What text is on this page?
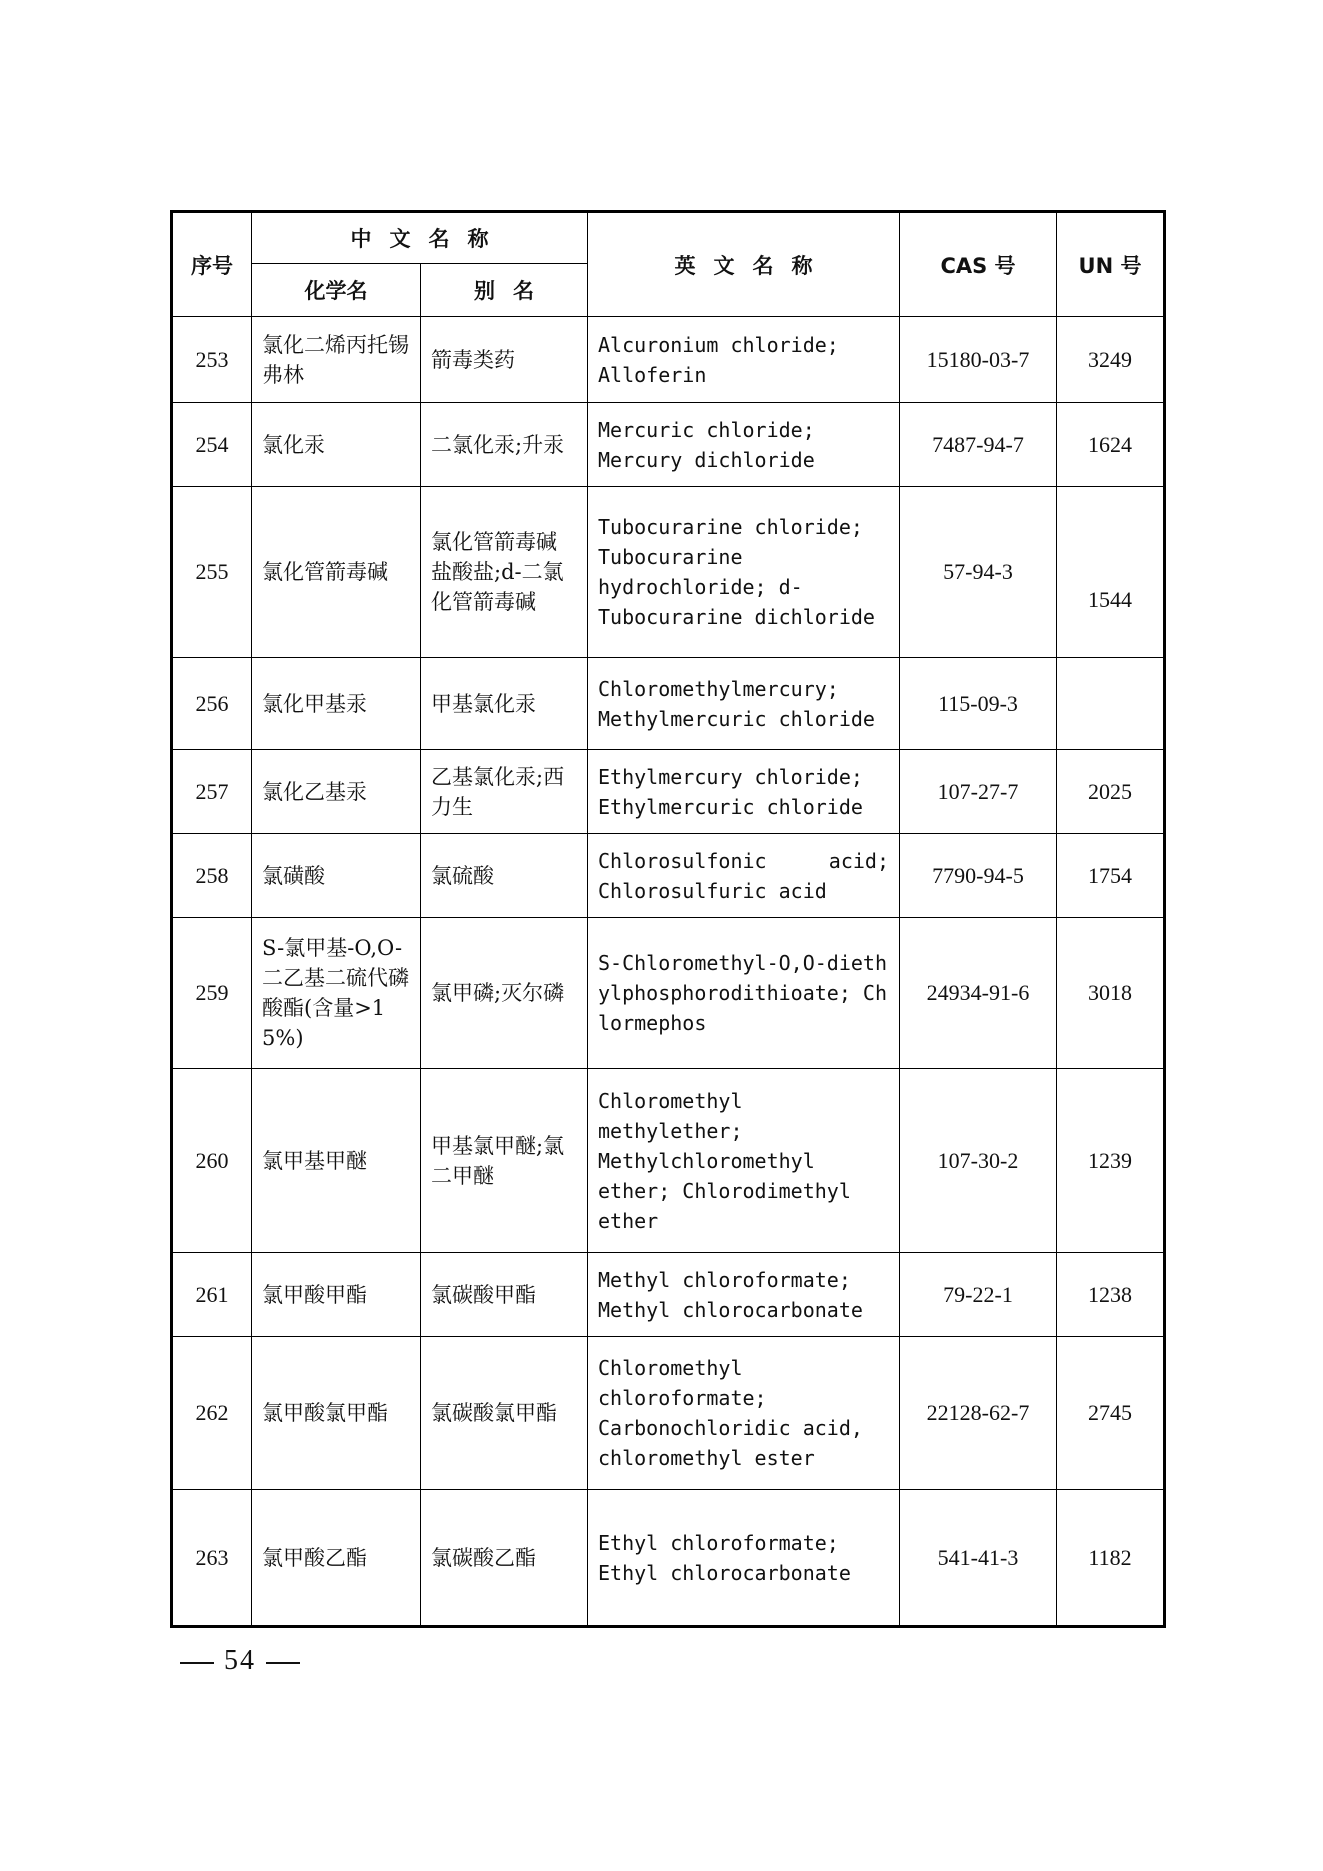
序号	中文名称		英文名称	CAS 号	UN 号
	化学名	别名			
253	氯化二烯丙托锡弗林	箭毒类药	Alcuronium chloride; Alloferin	15180-03-7	3249
254	氯化汞	二氯化汞;升汞	Mercuric chloride; Mercury dichloride	7487-94-7	1624
255	氯化管箭毒碱	氯化管箭毒碱盐酸盐;d-二氯化管箭毒碱	Tubocurarine chloride; Tubocurarine hydrochloride; d-Tubocurarine dichloride	57-94-3	1544
256	氯化甲基汞	甲基氯化汞	Chloromethylmercury; Methylmercuric chloride	115-09-3	
257	氯化乙基汞	乙基氯化汞;西力生	Ethylmercury chloride; Ethylmercuric chloride	107-27-7	2025
258	氯磺酸	氯硫酸	Chlorosulfonic acid; Chlorosulfuric acid	7790-94-5	1754
259	S-氯甲基-O,O-二乙基二硫代磷酸酯(含量>15%)	氯甲磷;灭尔磷	S-Chloromethyl-O,O-diethylphosphorodithioate; Chlormephos	24934-91-6	3018
260	氯甲基甲醚	甲基氯甲醚;氯二甲醚	Chloromethyl methylether; Methylchloromethyl ether; Chlorodimethyl ether	107-30-2	1239
261	氯甲酸甲酯	氯碳酸甲酯	Methyl chloroformate; Methyl chlorocarbonate	79-22-1	1238
262	氯甲酸氯甲酯	氯碳酸氯甲酯	Chloromethyl chloroformate; Carbonochloridic acid, chloromethyl ester	22128-62-7	2745
263	氯甲酸乙酯	氯碳酸乙酯	Ethyl chloroformate; Ethyl chlorocarbonate	541-41-3	1182
54
